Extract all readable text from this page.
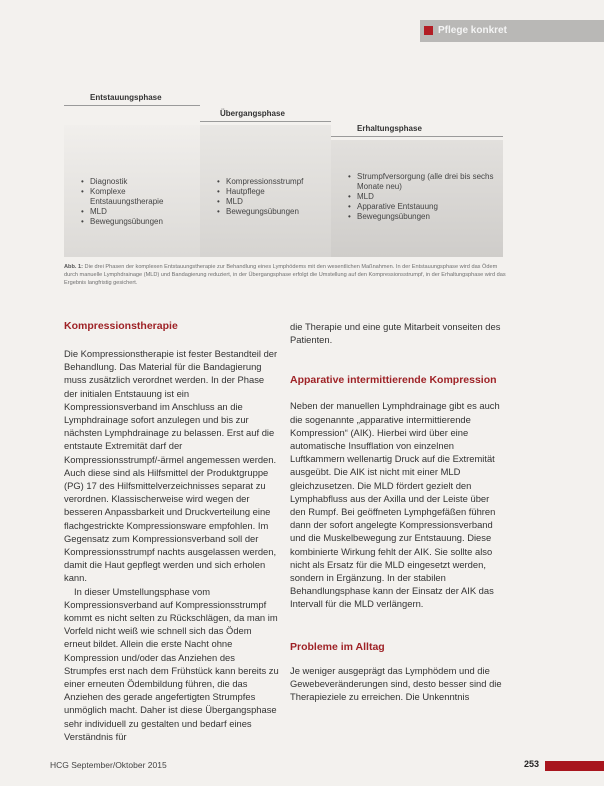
Pflege konkret
Entstauungsphase
Übergangsphase
Erhaltungsphase
• Diagnostik
• Komplexe Entstauungstherapie
• MLD
• Bewegungsübungen
• Kompressionsstrumpf
• Hautpflege
• MLD
• Bewegungsübungen
• Strumpfversorgung (alle drei bis sechs Monate neu)
• MLD
• Apparative Entstauung
• Bewegungsübungen
Abb. 1: Die drei Phasen der komplexen Entstauungstherapie zur Behandlung eines Lymphödems mit den wesentlichen Maßnahmen. In der Entstauungsphase wird das Ödem durch manuelle Lymphdrainage (MLD) und Bandagierung reduziert, in der Übergangsphase erfolgt die Umstellung auf den Kompressionsstrumpf, in der Erhaltungsphase wird das Ergebnis langfristig gesichert.
Kompressionstherapie

Die Kompressionstherapie ist fester Bestandteil der Behandlung. Das Material für die Bandagierung muss zusätzlich verordnet werden. In der Phase der initialen Entstauung ist ein Kompressionsverband im Anschluss an die Lymphdrainage sofort anzulegen und bis zur nächsten Lymphdrainage zu belassen. Erst auf die entstaute Extremität darf der Kompressionsstrumpf/-ärmel angemessen werden. Auch diese sind als Hilfsmittel der Produktgruppe (PG) 17 des Hilfsmittelverzeichnisses separat zu verordnen. Klassischerweise wird wegen der besseren Anpassbarkeit und Druckverteilung eine flachgestrickte Kompressionsware empfohlen. Im Gegensatz zum Kompressionsverband soll der Kompressionsstrumpf nachts ausgelassen werden, damit die Haut gepflegt werden und sich erholen kann.

In dieser Umstellungsphase vom Kompressionsverband auf Kompressionsstrumpf kommt es nicht selten zu Rückschlägen, da man im Vorfeld nicht weiß wie schnell sich das Ödem erneut bildet. Allein die erste Nacht ohne Kompression und/oder das Anziehen des Strumpfes erst nach dem Frühstück kann bereits zu einer erneuten Ödembildung führen, die das Anziehen des gerade angefertigten Strumpfes unmöglich macht. Daher ist diese Übergangsphase sehr individuell zu gestalten und bedarf eines Verständnis für

die Therapie und eine gute Mitarbeit vonseiten des Patienten.

Apparative intermittierende Kompression

Neben der manuellen Lymphdrainage gibt es auch die sogenannte „apparative intermittierende Kompression“ (AIK). Hierbei wird über eine automatische Insufflation von einzelnen Luftkammern wellenartig Druck auf die Extremität ausgeübt. Die AIK ist nicht mit einer MLD gleichzusetzen. Die MLD fördert gezielt den Lymphabfluss aus der Axilla und der Leiste über den Rumpf. Bei geöffneten Lymphgefäßen führen dann der sofort angelegte Kompressionsverband und die Muskelbewegung zur Entstauung. Diese kombinierte Wirkung fehlt der AIK. Sie sollte also nicht als Ersatz für die MLD eingesetzt werden, sondern in Ergänzung. In der stabilen Behandlungsphase kann der Einsatz der AIK das Intervall für die MLD verlängern.

Probleme im Alltag

Je weniger ausgeprägt das Lymphödem und die Gewebeveränderungen sind, desto besser sind die Therapieziele zu erreichen. Die Unkenntnis

HCG September/Oktober 2015	253
